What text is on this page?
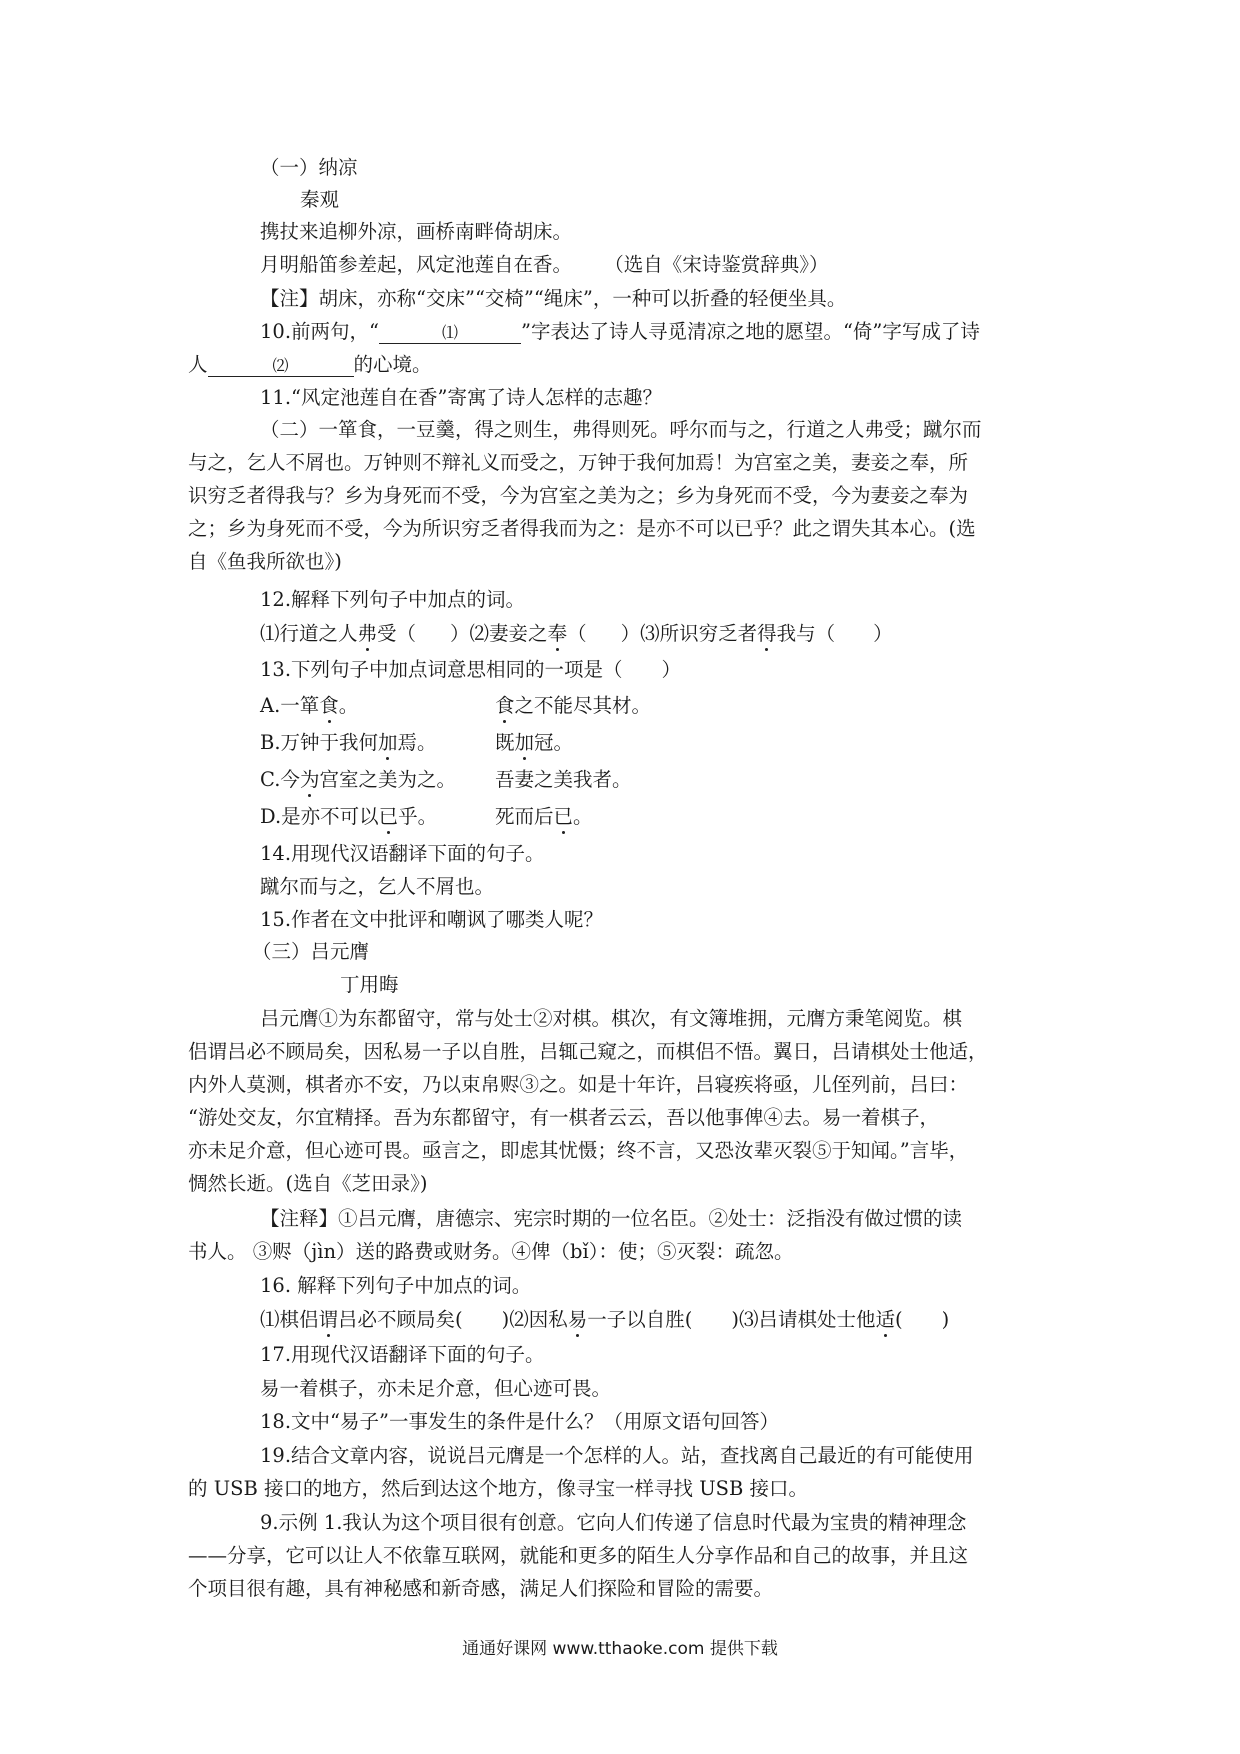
（一）纳凉
秦观
携扙来追柳外凉，画桥南畔倚胡床。
月明船笛参差起，风定池莲自在香。 （选自《宋诗鉴赏辞典》）
【注】胡床，亦称“交床”“交椅”“绳床”，一种可以折叠的轻便坐具。
10.前两句，“	⑴	”字表达了诗人寻觅清凉之地的愿望。“倚”字写成了诗
人	⑵	的心境。
11.“风定池莲自在香”寄寓了诗人怎样的志趣？
（二）一箪食，一豆羹，得之则生，弗得则死。呼尔而与之，行道之人弗受；蹴尔而
与之，乞人不屑也。万钟则不辩礼义而受之，万钟于我何加焉！为宫室之美，妻妾之奉，所
识穷乏者得我与？乡为身死而不受，今为宫室之美为之；乡为身死而不受，今为妻妾之奉为
之；乡为身死而不受，今为所识穷乏者得我而为之：是亦不可以已乎？此之谓失其本心。(选
自《鱼我所欲也》)
12.解释下列句子中加点的词。
⑴行道之人弗受（ ）⑵妻妾之奉（ ）⑶所识穷乏者得我与（ ）
13.下列句子中加点词意思相同的一项是（　　）
A.一箪食。	食之不能尽其材。
B.万钟于我何加焉。	既加冠。
C.今为宫室之美为之。 吾妻之美我者。
D.是亦不可以已乎。	死而后已。
14.用现代汉语翻译下面的句子。
蹴尔而与之，乞人不屑也。
15.作者在文中批评和嘲讽了哪类人呢？
（三）吕元膺
丁用晦
吕元膺①为东都留守，常与处士②对棋。棋次，有文簿堆拥，元膺方秉笔阅览。棋
侣谓吕必不顾局矣，因私易一子以自胜，吕辄己窥之，而棋侣不悟。翼日，吕请棋处士他适，
内外人莫测，棋者亦不安，乃以束帛赆③之。如是十年许，吕寝疾将亟，儿侄列前，吕曰：
“游处交友，尔宜精择。吾为东都留守，有一棋者云云，吾以他事俾④去。易一着棋子，
亦未足介意，但心迹可畏。亟言之，即虑其忧慑；终不言，又恐汝辈灭裂⑤于知闻。”言毕，
惆然长逝。(选自《芝田录》)
【注释】①吕元膺，唐德宗、宪宗时期的一位名臣。②处士：泛指没有做过惯的读
书人。 ③赆（jìn）送的路费或财务。④俾（bǐ）：使；⑤灭裂：疏忽。
16. 解释下列句子中加点的词。
⑴棋侣谓吕必不顾局矣(　　)⑵因私易一子以自胜(　　)⑶吕请棋处士他适(　　)
17.用现代汉语翻译下面的句子。
易一着棋子，亦未足介意，但心迹可畏。
18.文中“易子”一事发生的条件是什么？（用原文语句回答）
19.结合文章内容，说说吕元膺是一个怎样的人。站，查找离自己最近的有可能使用
的 USB 接口的地方，然后到达这个地方，像寻宝一样寻找 USB 接口。
9.示例 1.我认为这个项目很有创意。它向人们传递了信息时代最为宝贵的精神理念
——分享，它可以让人不依靠互联网，就能和更多的陌生人分享作品和自己的故事，并且这
个项目很有趣，具有神秘感和新奇感，满足人们探险和冒险的需要。
通通好课网 www.tthaoke.com 提供下载
